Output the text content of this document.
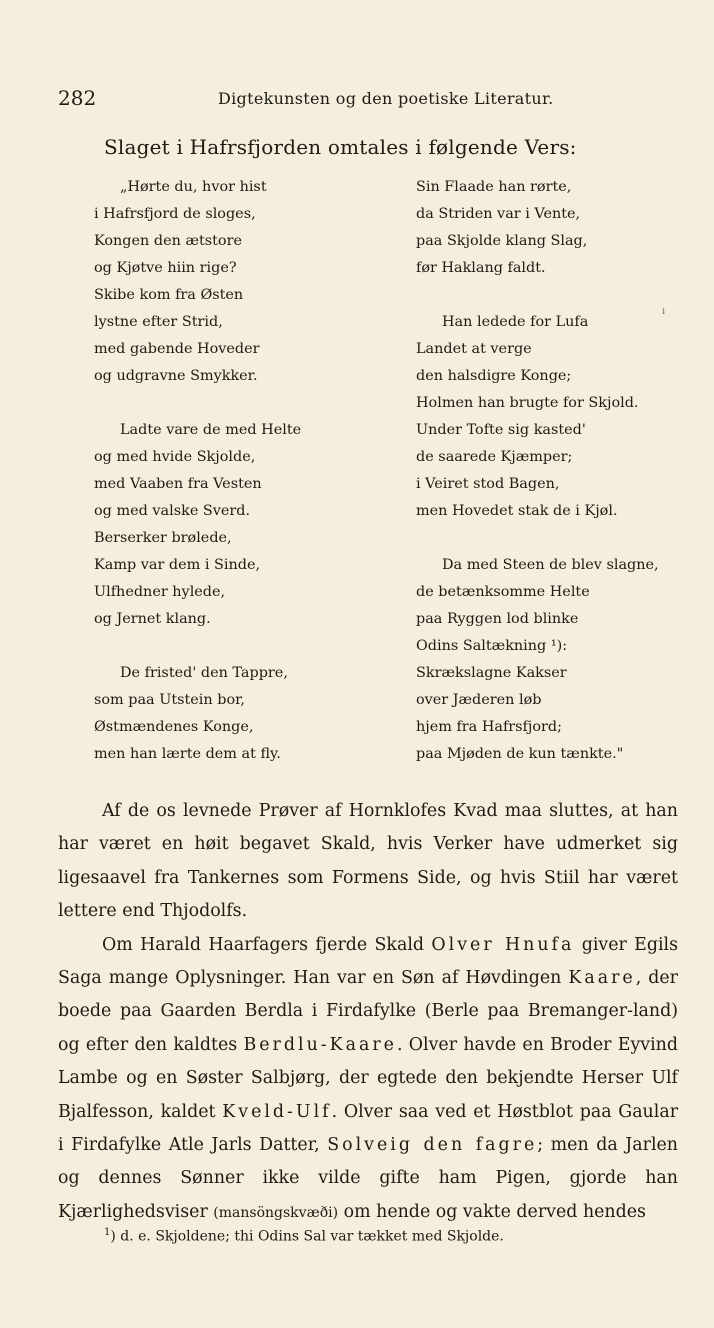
282	Digtekunsten og den poetiske Literatur.
Slaget i Hafrsfjorden omtales i følgende Vers:
„Hørte du, hvor hist
i Hafrsfjord de sloges,
Kongen den ætstore
og Kjøtve hiin rige?
Skibe kom fra Østen
lystne efter Strid,
med gabende Hoveder
og udgravne Smykker.
Ladte vare de med Helte
og med hvide Skjolde,
med Vaaben fra Vesten
og med valske Sverd.
Berserker brølede,
Kamp var dem i Sinde,
Ulfhedner hylede,
og Jernet klang.
De fristed' den Tappre,
som paa Utstein bor,
Østmændenes Konge,
men han lærte dem at fly.
Sin Flaade han rørte,
da Striden var i Vente,
paa Skjolde klang Slag,
før Haklang faldt.
Han ledede for Lufa
Landet at verge
den halsdigre Konge;
Holmen han brugte for Skjold.
Under Tofte sig kasted'
de saarede Kjæmper;
i Veiret stod Bagen,
men Hovedet stak de i Kjøl.
Da med Steen de blev slagne,
de betænksomme Helte
paa Ryggen lod blinke
Odins Saltækning ¹):
Skrækslagne Kakser
over Jæderen løb
hjem fra Hafrsfjord;
paa Mjøden de kun tænkte."
ı

Af de os levnede Prøver af Hornklofes Kvad maa sluttes, at han har været en høit begavet Skald, hvis Verker have udmerket sig ligesaavel fra Tankernes som Formens Side, og hvis Stiil har været lettere end Thjodolfs.

Om Harald Haarfagers fjerde Skald Olver Hnufa giver Egils Saga mange Oplysninger. Han var en Søn af Høvdingen Kaare, der boede paa Gaarden Berdla i Firdafylke (Berle paa Bremanger-land) og efter den kaldtes Berdlu-Kaare. Olver havde en Broder Eyvind Lambe og en Søster Salbjørg, der egtede den bekjendte Herser Ulf Bjalfesson, kaldet Kveld-Ulf. Olver saa ved et Høstblot paa Gaular i Firdafylke Atle Jarls Datter, Solveig den fagre; men da Jarlen og dennes Sønner ikke vilde gifte ham Pigen, gjorde han Kjærlighedsviser (mansöngskvæði) om hende og vakte derved hendes

$^1$) d. e. Skjoldene; thi Odins Sal var tækket med Skjolde.
